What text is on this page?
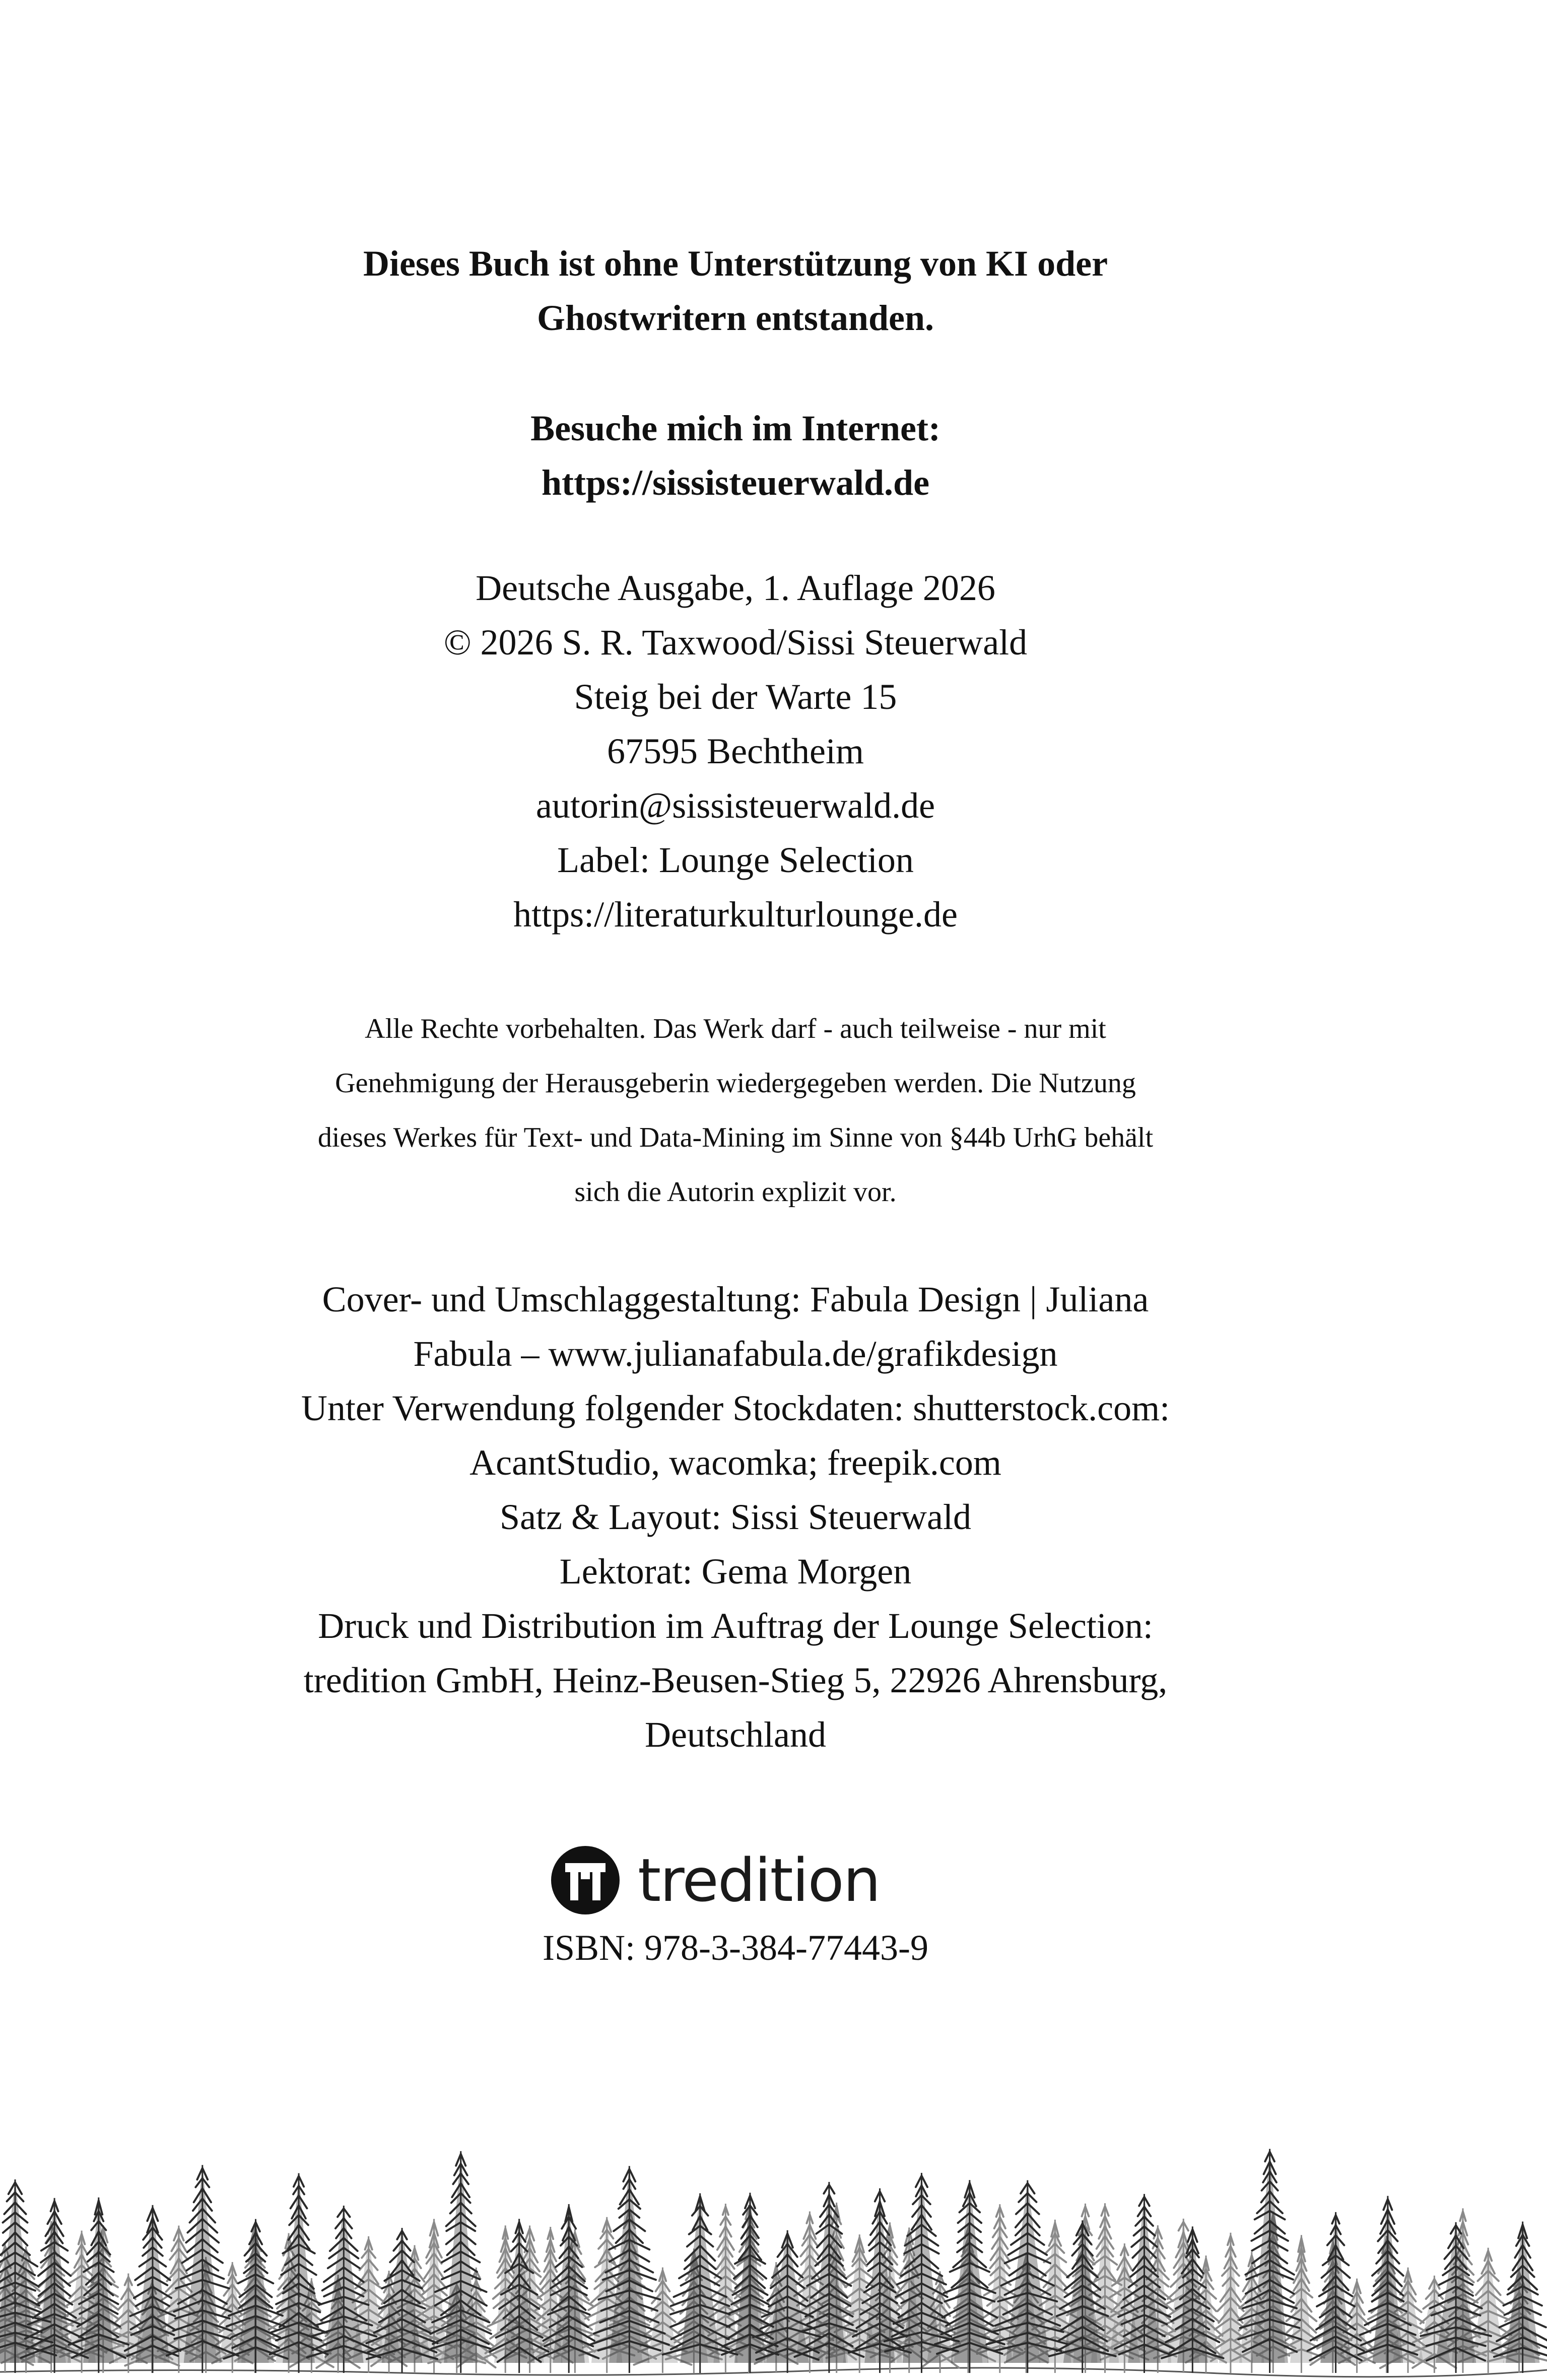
Dieses Buch ist ohne Unterstützung von KI oder
Ghostwritern entstanden.
Besuche mich im Internet:
https://sissisteuerwald.de
Deutsche Ausgabe, 1. Auflage 2026
© 2026 S. R. Taxwood/Sissi Steuerwald
Steig bei der Warte 15
67595 Bechtheim
autorin@sissisteuerwald.de
Label: Lounge Selection
https://literaturkulturlounge.de
Alle Rechte vorbehalten. Das Werk darf - auch teilweise - nur mit
Genehmigung der Herausgeberin wiedergegeben werden. Die Nutzung
dieses Werkes für Text- und Data-Mining im Sinne von §44b UrhG behält
sich die Autorin explizit vor.
Cover- und Umschlaggestaltung: Fabula Design | Juliana
Fabula – www.julianafabula.de/grafikdesign
Unter Verwendung folgender Stockdaten: shutterstock.com:
AcantStudio, wacomka; freepik.com
Satz & Layout: Sissi Steuerwald
Lektorat: Gema Morgen
Druck und Distribution im Auftrag der Lounge Selection:
tredition GmbH, Heinz-Beusen-Stieg 5, 22926 Ahrensburg,
Deutschland
tredition
ISBN: 978-3-384-77443-9
